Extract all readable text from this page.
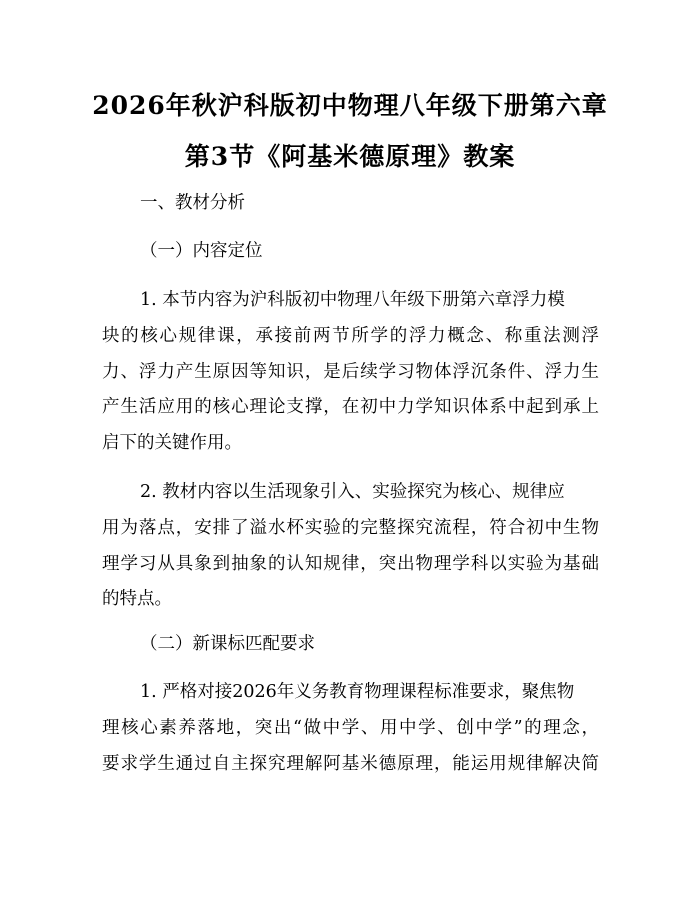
2026年秋沪科版初中物理八年级下册第六章
第3节《阿基米德原理》教案
一、教材分析
（一）内容定位
1. 本节内容为沪科版初中物理八年级下册第六章浮力模
块的核心规律课，承接前两节所学的浮力概念、称重法测浮
力、浮力产生原因等知识，是后续学习物体浮沉条件、浮力生
产生活应用的核心理论支撑，在初中力学知识体系中起到承上
启下的关键作用。
2. 教材内容以生活现象引入、实验探究为核心、规律应
用为落点，安排了溢水杯实验的完整探究流程，符合初中生物
理学习从具象到抽象的认知规律，突出物理学科以实验为基础
的特点。
（二）新课标匹配要求
1. 严格对接2026年义务教育物理课程标准要求，聚焦物
理核心素养落地，突出“做中学、用中学、创中学”的理念，
要求学生通过自主探究理解阿基米德原理，能运用规律解决简
